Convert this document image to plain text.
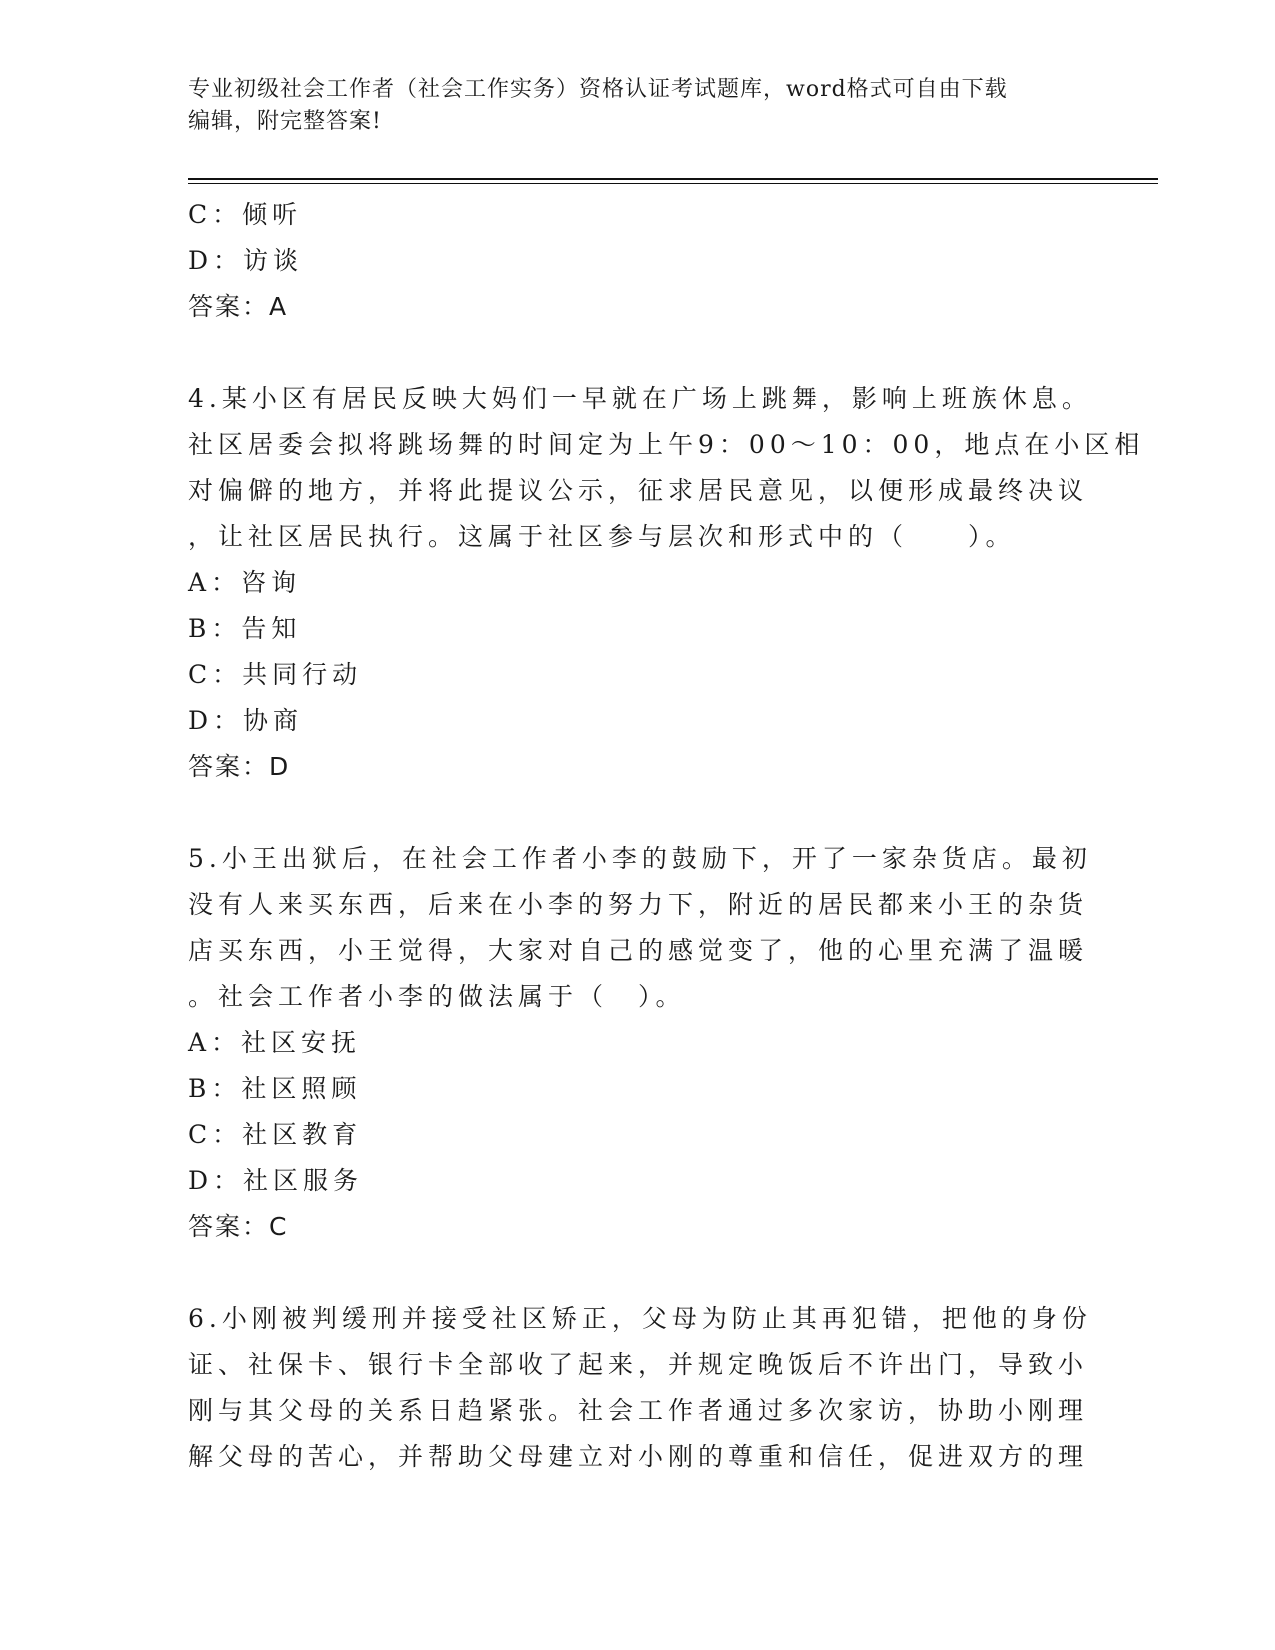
专业初级社会工作者（社会工作实务）资格认证考试题库，word格式可自由下载
编辑，附完整答案!
C：倾听
D：访谈
答案：A
4.某小区有居民反映大妈们一早就在广场上跳舞，影响上班族休息。
社区居委会拟将跳场舞的时间定为上午9：00～10：00，地点在小区相
对偏僻的地方，并将此提议公示，征求居民意见，以便形成最终决议
，让社区居民执行。这属于社区参与层次和形式中的（　　）。
A：咨询
B：告知
C：共同行动
D：协商
答案：D
5.小王出狱后，在社会工作者小李的鼓励下，开了一家杂货店。最初
没有人来买东西，后来在小李的努力下，附近的居民都来小王的杂货
店买东西，小王觉得，大家对自己的感觉变了，他的心里充满了温暖
。社会工作者小李的做法属于（　）。
A：社区安抚
B：社区照顾
C：社区教育
D：社区服务
答案：C
6.小刚被判缓刑并接受社区矫正，父母为防止其再犯错，把他的身份
证、社保卡、银行卡全部收了起来，并规定晚饭后不许出门，导致小
刚与其父母的关系日趋紧张。社会工作者通过多次家访，协助小刚理
解父母的苦心，并帮助父母建立对小刚的尊重和信任，促进双方的理
